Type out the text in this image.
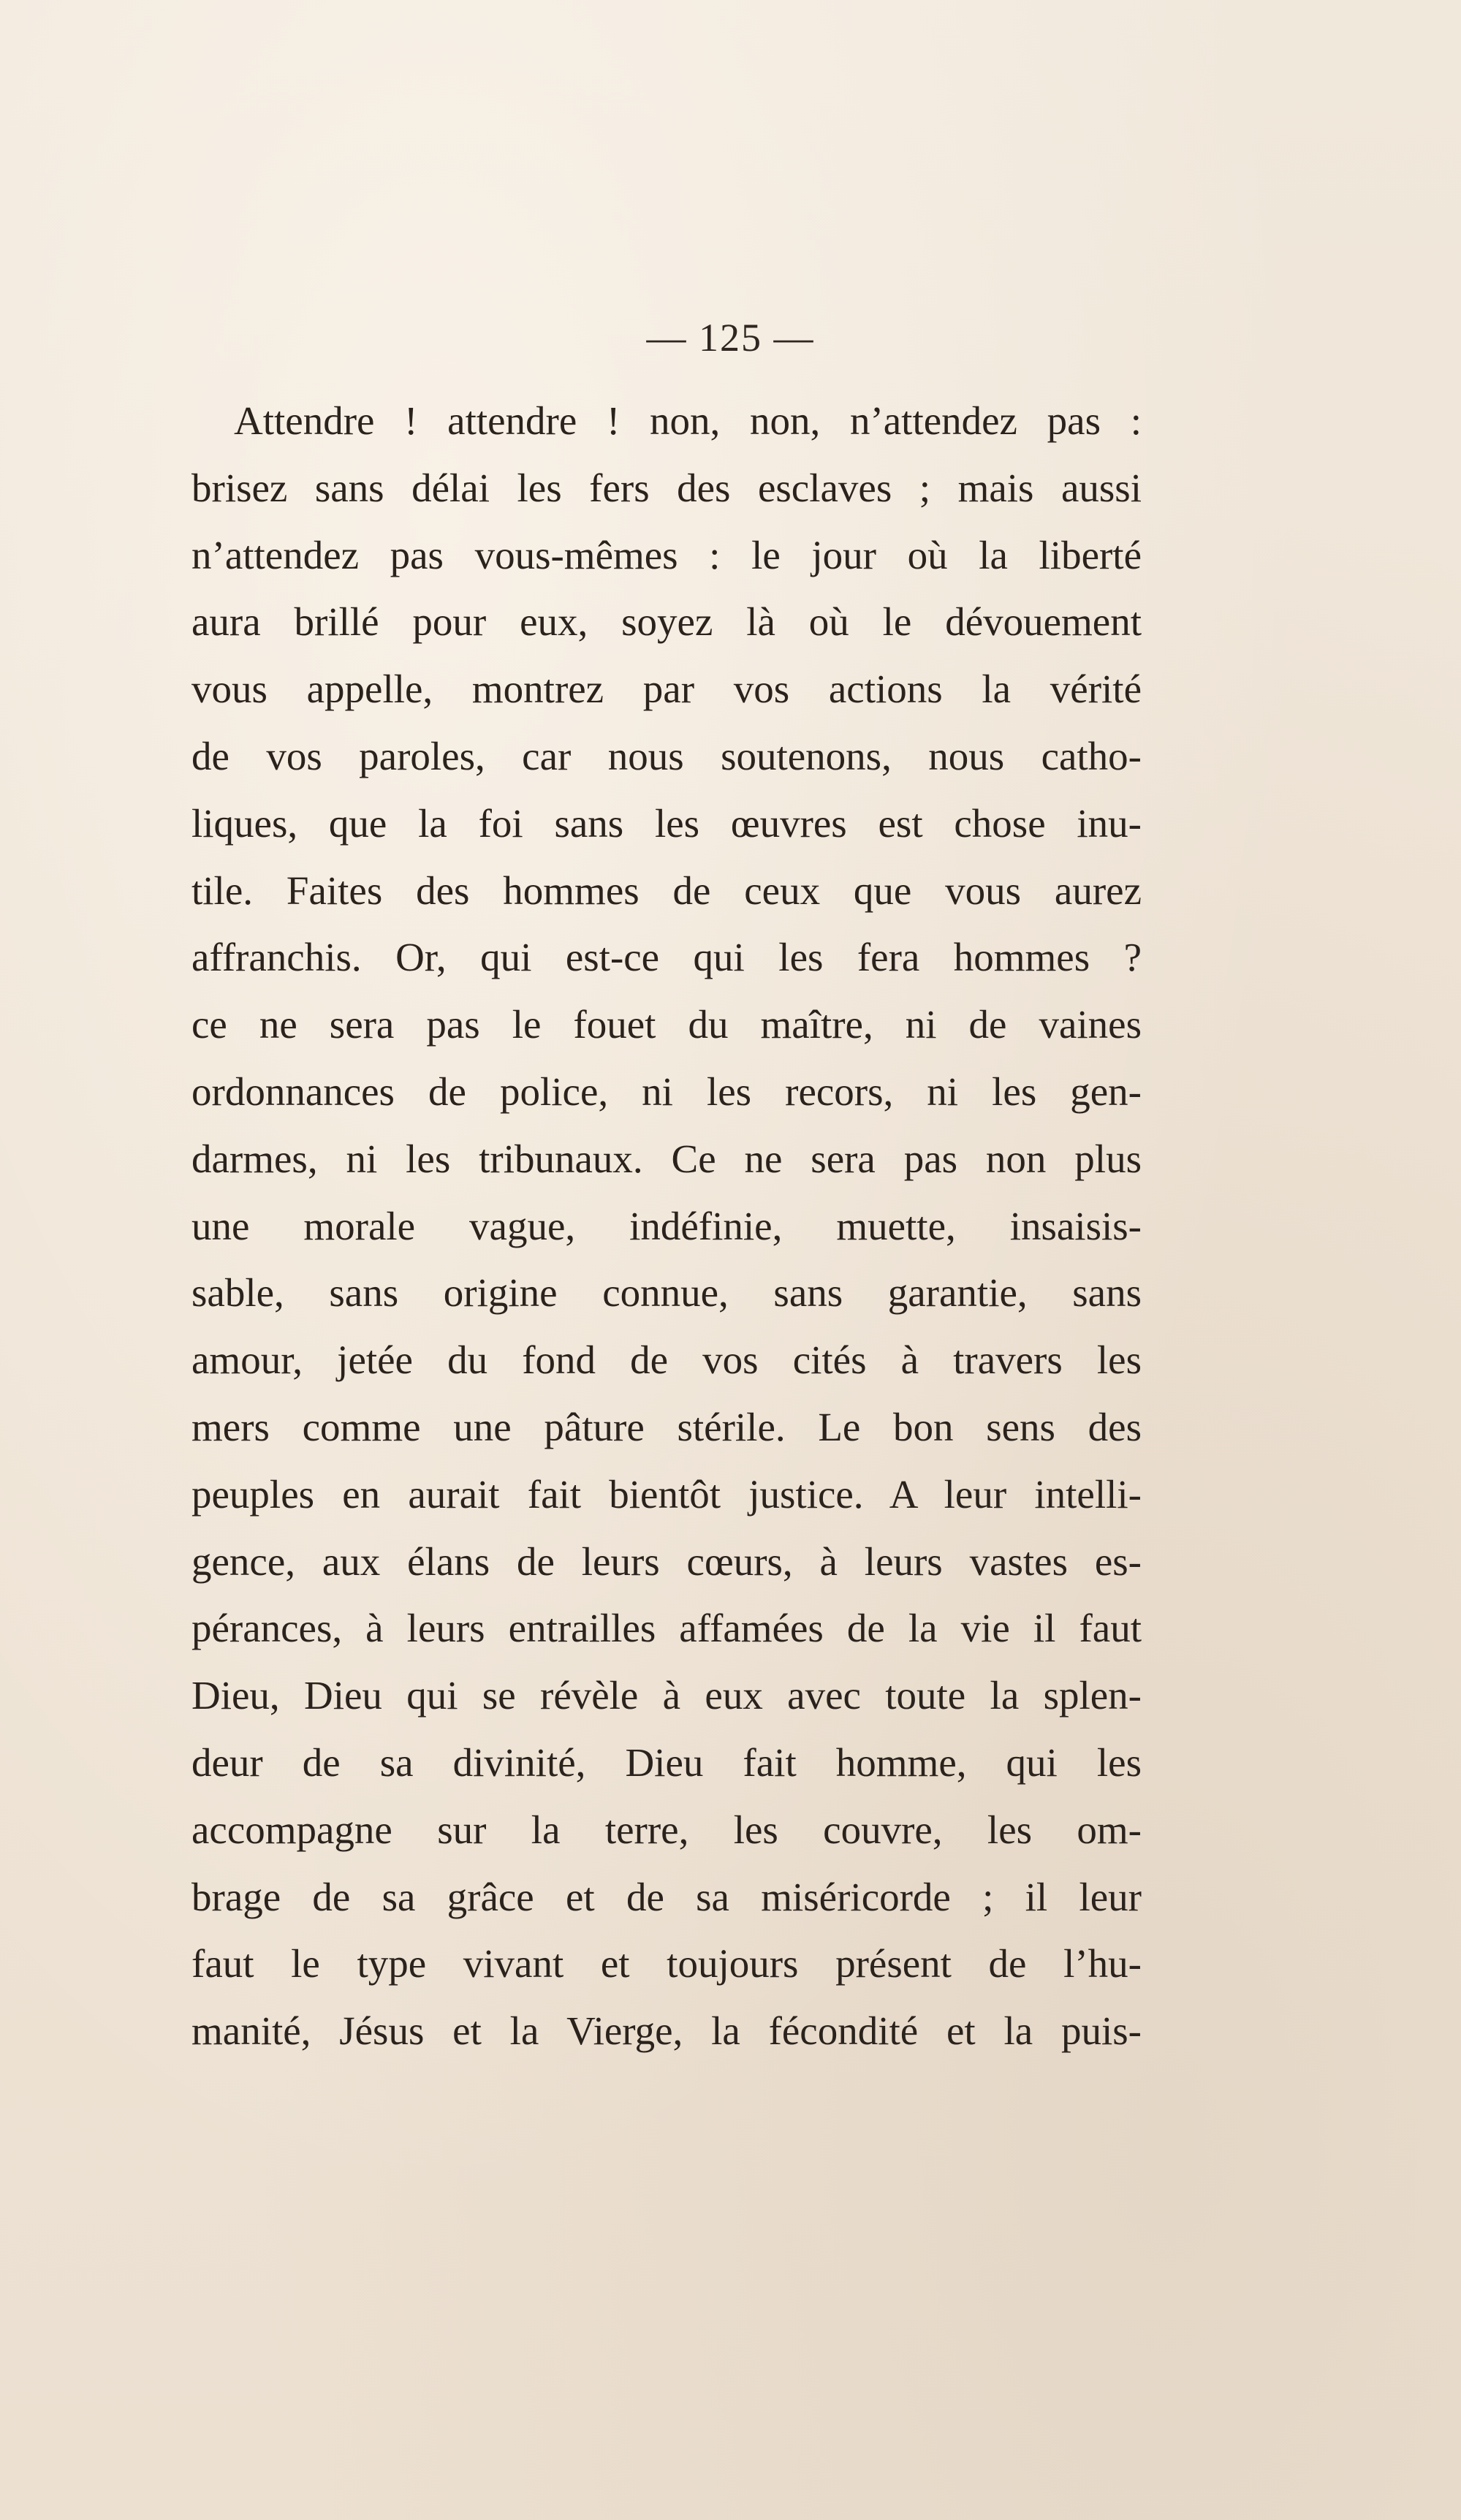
— 125 —
Attendre ! attendre ! non, non, n’attendez pas :
brisez sans délai les fers des esclaves ; mais aussi
n’attendez pas vous-mêmes : le jour où la liberté
aura brillé pour eux, soyez là où le dévouement
vous appelle, montrez par vos actions la vérité
de vos paroles, car nous soutenons, nous catho-
liques, que la foi sans les œuvres est chose inu-
tile. Faites des hommes de ceux que vous aurez
affranchis. Or, qui est-ce qui les fera hommes ?
ce ne sera pas le fouet du maître, ni de vaines
ordonnances de police, ni les recors, ni les gen-
darmes, ni les tribunaux. Ce ne sera pas non plus
une morale vague, indéfinie, muette, insaisis-
sable, sans origine connue, sans garantie, sans
amour, jetée du fond de vos cités à travers les
mers comme une pâture stérile. Le bon sens des
peuples en aurait fait bientôt justice. A leur intelli-
gence, aux élans de leurs cœurs, à leurs vastes es-
pérances, à leurs entrailles affamées de la vie il faut
Dieu, Dieu qui se révèle à eux avec toute la splen-
deur de sa divinité, Dieu fait homme, qui les
accompagne sur la terre, les couvre, les om-
brage de sa grâce et de sa miséricorde ; il leur
faut le type vivant et toujours présent de l’hu-
manité, Jésus et la Vierge, la fécondité et la puis-
